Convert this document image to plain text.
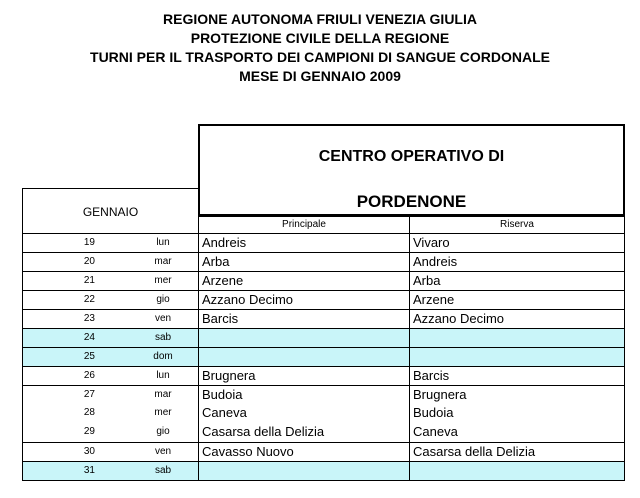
REGIONE AUTONOMA FRIULI VENEZIA GIULIA
PROTEZIONE CIVILE DELLA REGIONE
TURNI PER IL TRASPORTO DEI CAMPIONI DI SANGUE CORDONALE
MESE DI GENNAIO 2009
CENTRO OPERATIVO DI
PORDENONE
GENNAIO
Principale	Riserva
19	lun	Andreis	Vivaro
20	mar	Arba	Andreis
21	mer	Arzene	Arba
22	gio	Azzano Decimo	Arzene
23	ven	Barcis	Azzano Decimo
24	sab
25	dom
26	lun	Brugnera	Barcis
27	mar	Budoia	Brugnera
28	mer	Caneva	Budoia
29	gio	Casarsa della Delizia	Caneva
30	ven	Cavasso Nuovo	Casarsa della Delizia
31	sab
